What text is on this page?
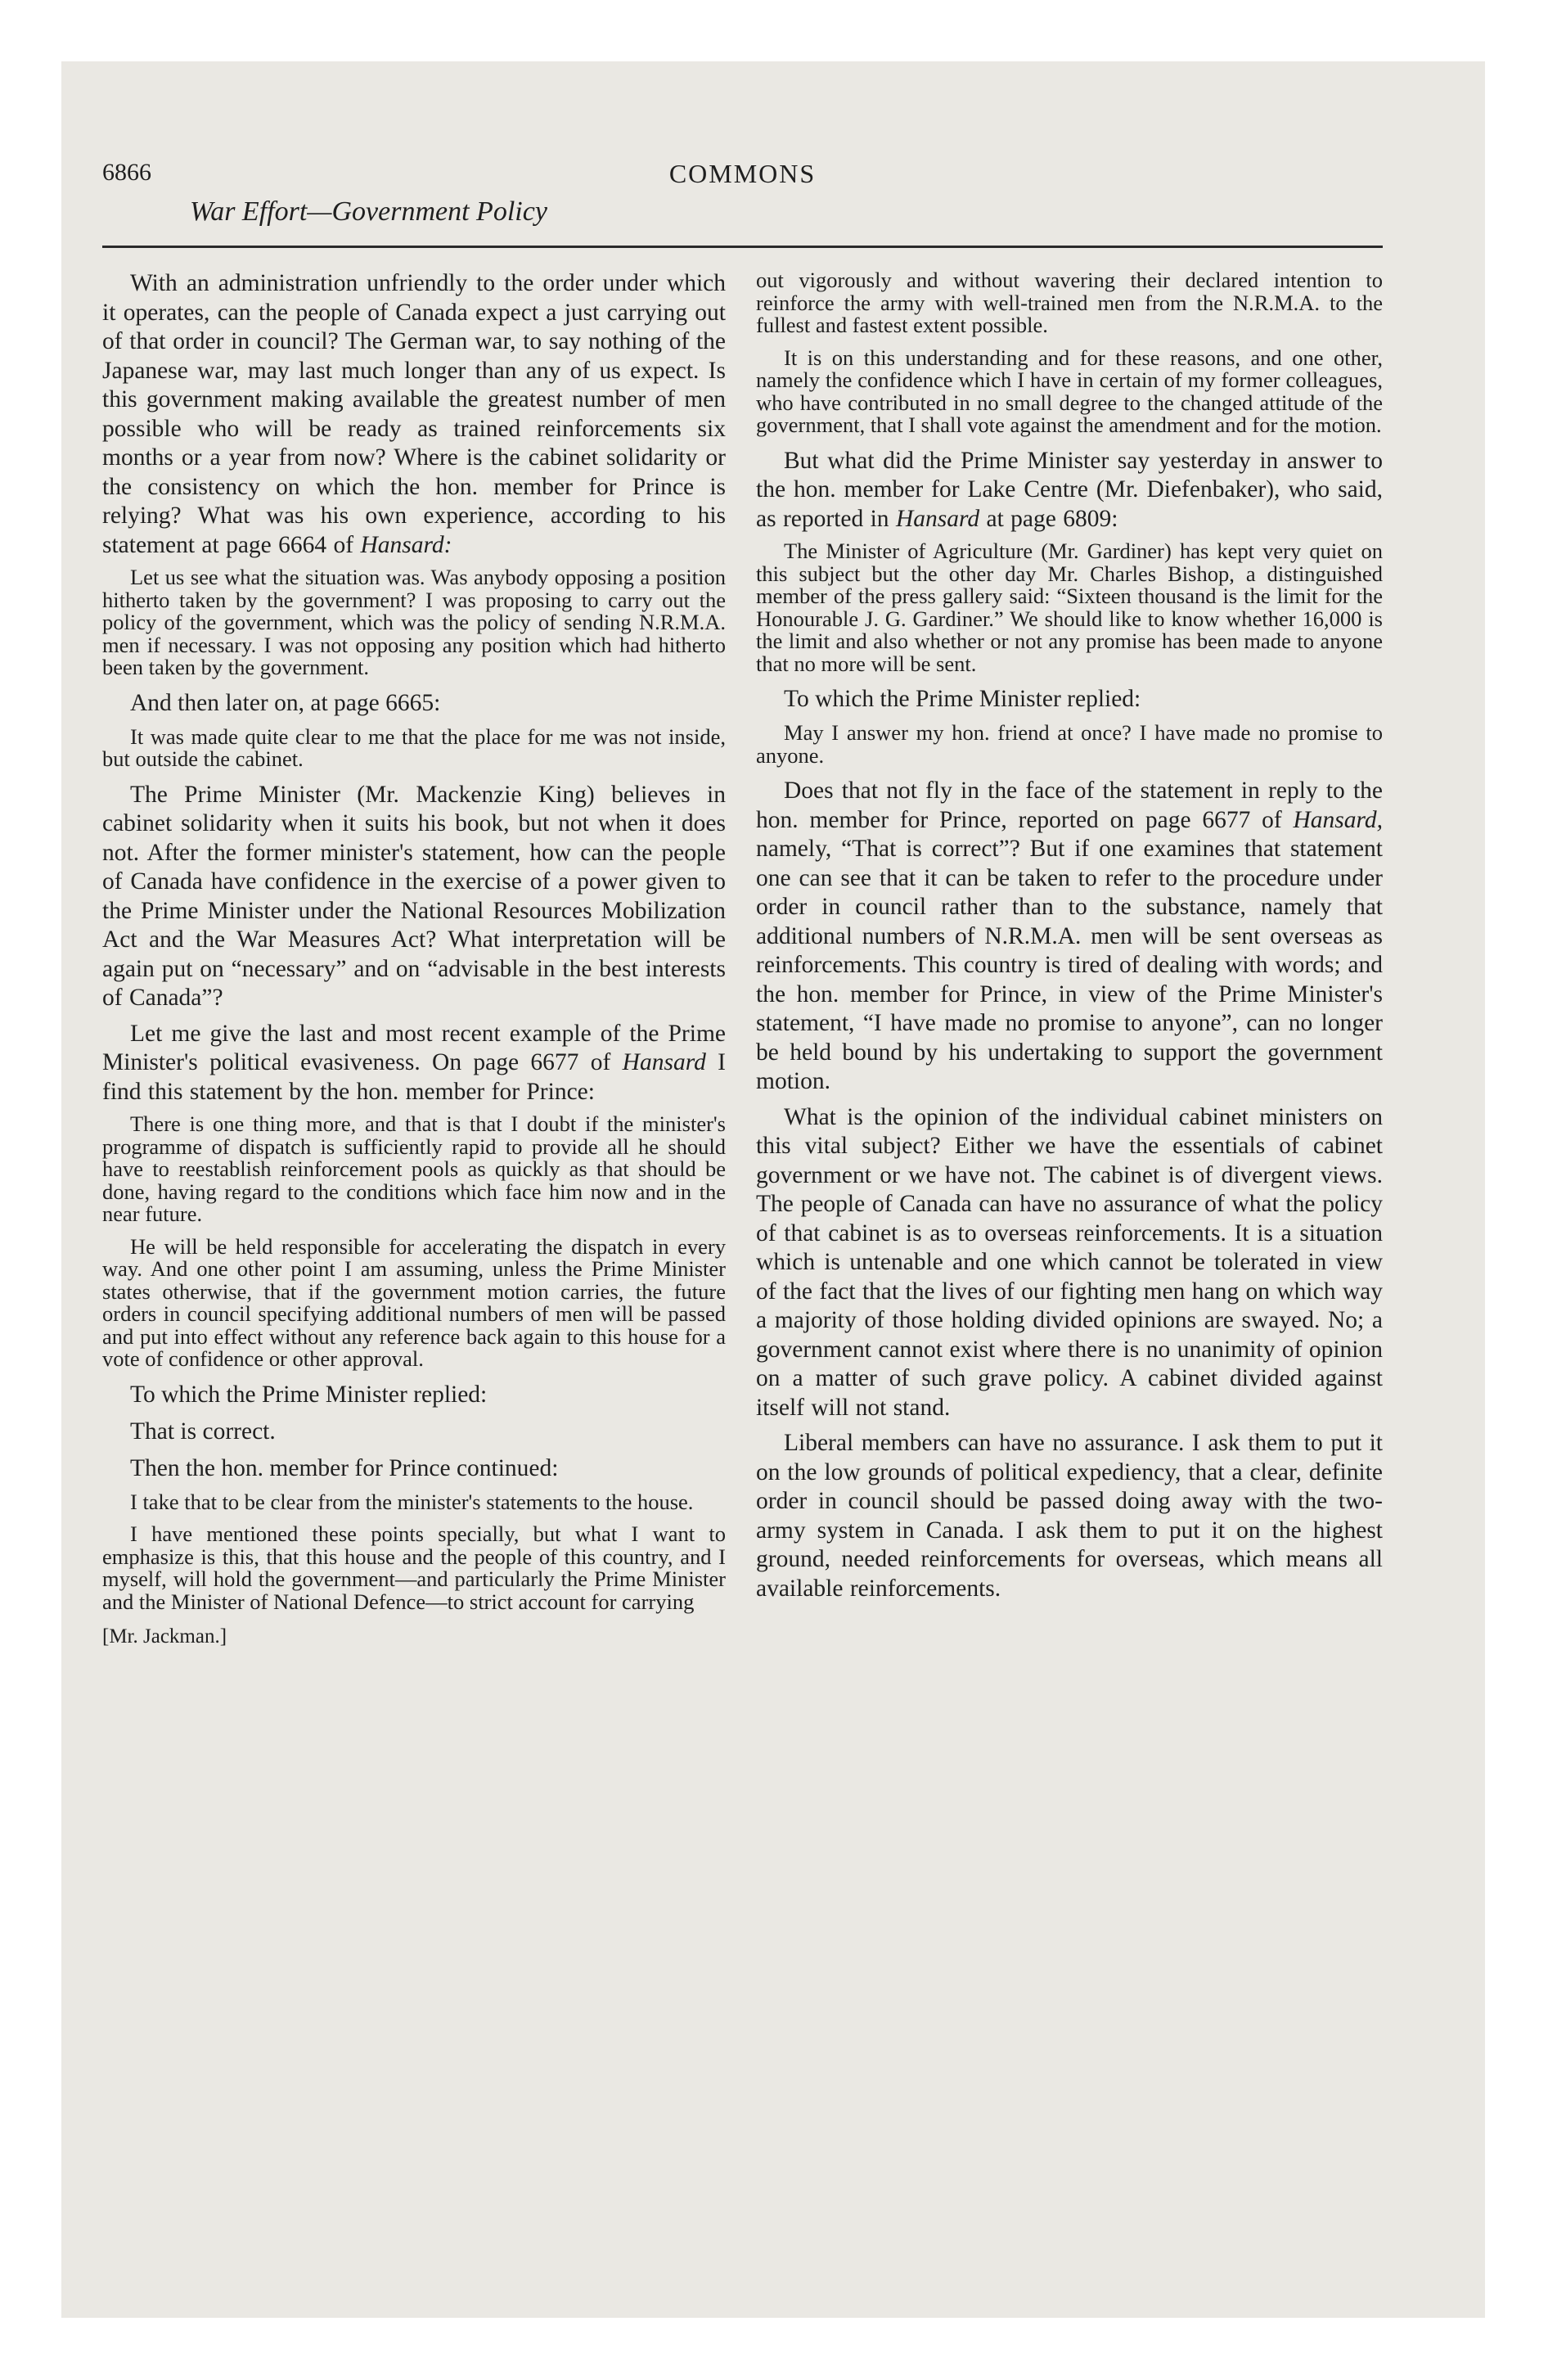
6866
War Effort—Government Policy
COMMONS

With an administration unfriendly to the order under which it operates, can the people of Canada expect a just carrying out of that order in council? The German war, to say nothing of the Japanese war, may last much longer than any of us expect. Is this government making available the greatest number of men possible who will be ready as trained reinforcements six months or a year from now? Where is the cabinet solidarity or the consistency on which the hon. member for Prince is relying? What was his own experience, according to his statement at page 6664 of Hansard:

Let us see what the situation was. Was anybody opposing a position hitherto taken by the government? I was proposing to carry out the policy of the government, which was the policy of sending N.R.M.A. men if necessary. I was not opposing any position which had hitherto been taken by the government.

And then later on, at page 6665:

It was made quite clear to me that the place for me was not inside, but outside the cabinet.

The Prime Minister (Mr. Mackenzie King) believes in cabinet solidarity when it suits his book, but not when it does not. After the former minister's statement, how can the people of Canada have confidence in the exercise of a power given to the Prime Minister under the National Resources Mobilization Act and the War Measures Act? What interpretation will be again put on “necessary” and on “advisable in the best interests of Canada”?

Let me give the last and most recent example of the Prime Minister's political evasiveness. On page 6677 of Hansard I find this statement by the hon. member for Prince:

There is one thing more, and that is that I doubt if the minister's programme of dispatch is sufficiently rapid to provide all he should have to reestablish reinforcement pools as quickly as that should be done, having regard to the conditions which face him now and in the near future.

He will be held responsible for accelerating the dispatch in every way. And one other point I am assuming, unless the Prime Minister states otherwise, that if the government motion carries, the future orders in council specifying additional numbers of men will be passed and put into effect without any reference back again to this house for a vote of confidence or other approval.

To which the Prime Minister replied:

That is correct.

Then the hon. member for Prince continued:

I take that to be clear from the minister's statements to the house.

I have mentioned these points specially, but what I want to emphasize is this, that this house and the people of this country, and I myself, will hold the government—and particularly the Prime Minister and the Minister of National Defence—to strict account for carrying

[Mr. Jackman.]

out vigorously and without wavering their declared intention to reinforce the army with well-trained men from the N.R.M.A. to the fullest and fastest extent possible.

It is on this understanding and for these reasons, and one other, namely the confidence which I have in certain of my former colleagues, who have contributed in no small degree to the changed attitude of the government, that I shall vote against the amendment and for the motion.

But what did the Prime Minister say yesterday in answer to the hon. member for Lake Centre (Mr. Diefenbaker), who said, as reported in Hansard at page 6809:

The Minister of Agriculture (Mr. Gardiner) has kept very quiet on this subject but the other day Mr. Charles Bishop, a distinguished member of the press gallery said: “Sixteen thousand is the limit for the Honourable J. G. Gardiner.” We should like to know whether 16,000 is the limit and also whether or not any promise has been made to anyone that no more will be sent.

To which the Prime Minister replied:

May I answer my hon. friend at once? I have made no promise to anyone.

Does that not fly in the face of the statement in reply to the hon. member for Prince, reported on page 6677 of Hansard, namely, “That is correct”? But if one examines that statement one can see that it can be taken to refer to the procedure under order in council rather than to the substance, namely that additional numbers of N.R.M.A. men will be sent overseas as reinforcements. This country is tired of dealing with words; and the hon. member for Prince, in view of the Prime Minister's statement, “I have made no promise to anyone”, can no longer be held bound by his undertaking to support the government motion.

What is the opinion of the individual cabinet ministers on this vital subject? Either we have the essentials of cabinet government or we have not. The cabinet is of divergent views. The people of Canada can have no assurance of what the policy of that cabinet is as to overseas reinforcements. It is a situation which is untenable and one which cannot be tolerated in view of the fact that the lives of our fighting men hang on which way a majority of those holding divided opinions are swayed. No; a government cannot exist where there is no unanimity of opinion on a matter of such grave policy. A cabinet divided against itself will not stand.

Liberal members can have no assurance. I ask them to put it on the low grounds of political expediency, that a clear, definite order in council should be passed doing away with the two-army system in Canada. I ask them to put it on the highest ground, needed reinforcements for overseas, which means all available reinforcements.
